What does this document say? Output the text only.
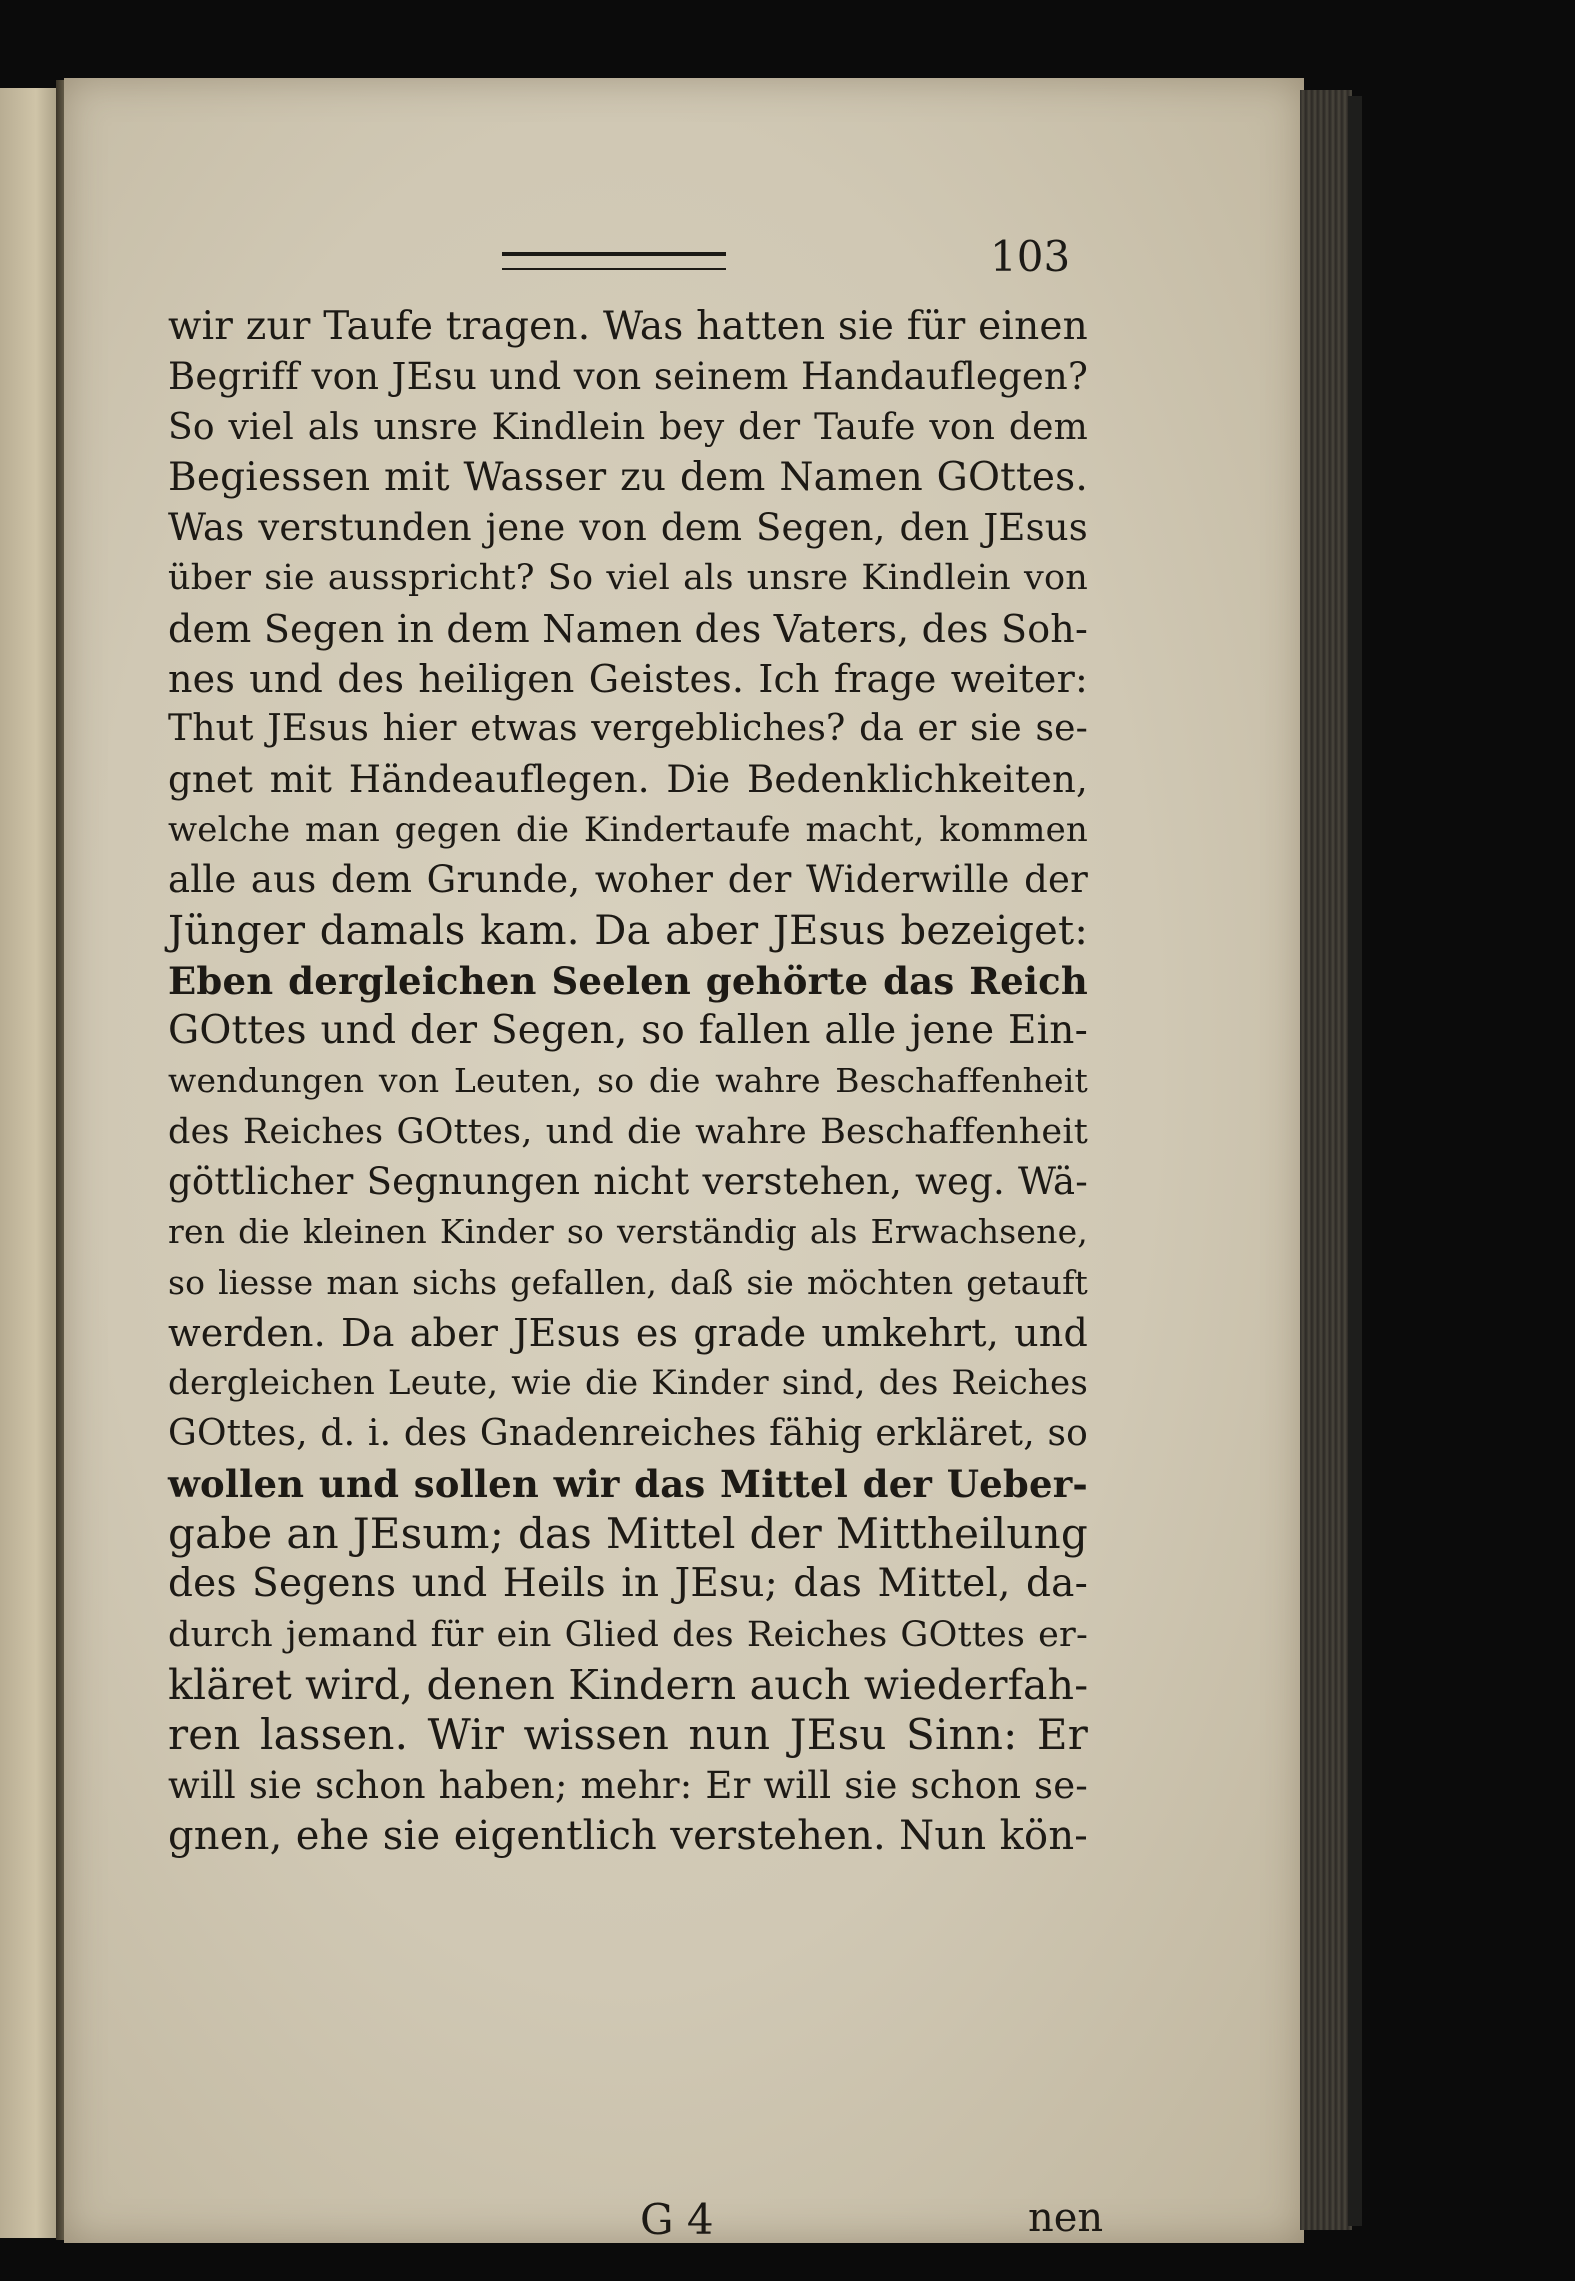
103
wir zur Taufe tragen. Was hatten sie für einen
Begriff von JEsu und von seinem Handauflegen?
So viel als unsre Kindlein bey der Taufe von dem
Begiessen mit Wasser zu dem Namen GOttes.
Was verstunden jene von dem Segen, den JEsus
über sie ausspricht? So viel als unsre Kindlein von
dem Segen in dem Namen des Vaters, des Soh-
nes und des heiligen Geistes. Ich frage weiter:
Thut JEsus hier etwas vergebliches? da er sie se-
gnet mit Händeauflegen. Die Bedenklichkeiten,
welche man gegen die Kindertaufe macht, kommen
alle aus dem Grunde, woher der Widerwille der
Jünger damals kam. Da aber JEsus bezeiget:
Eben dergleichen Seelen gehörte das Reich
GOttes und der Segen, so fallen alle jene Ein-
wendungen von Leuten, so die wahre Beschaffenheit
des Reiches GOttes, und die wahre Beschaffenheit
göttlicher Segnungen nicht verstehen, weg. Wä-
ren die kleinen Kinder so verständig als Erwachsene,
so liesse man sichs gefallen, daß sie möchten getauft
werden. Da aber JEsus es grade umkehrt, und
dergleichen Leute, wie die Kinder sind, des Reiches
GOttes, d. i. des Gnadenreiches fähig erkläret, so
wollen und sollen wir das Mittel der Ueber-
gabe an JEsum; das Mittel der Mittheilung
des Segens und Heils in JEsu; das Mittel, da-
durch jemand für ein Glied des Reiches GOttes er-
kläret wird, denen Kindern auch wiederfah-
ren lassen. Wir wissen nun JEsu Sinn: Er
will sie schon haben; mehr: Er will sie schon se-
gnen, ehe sie eigentlich verstehen. Nun kön-
G 4	nen
